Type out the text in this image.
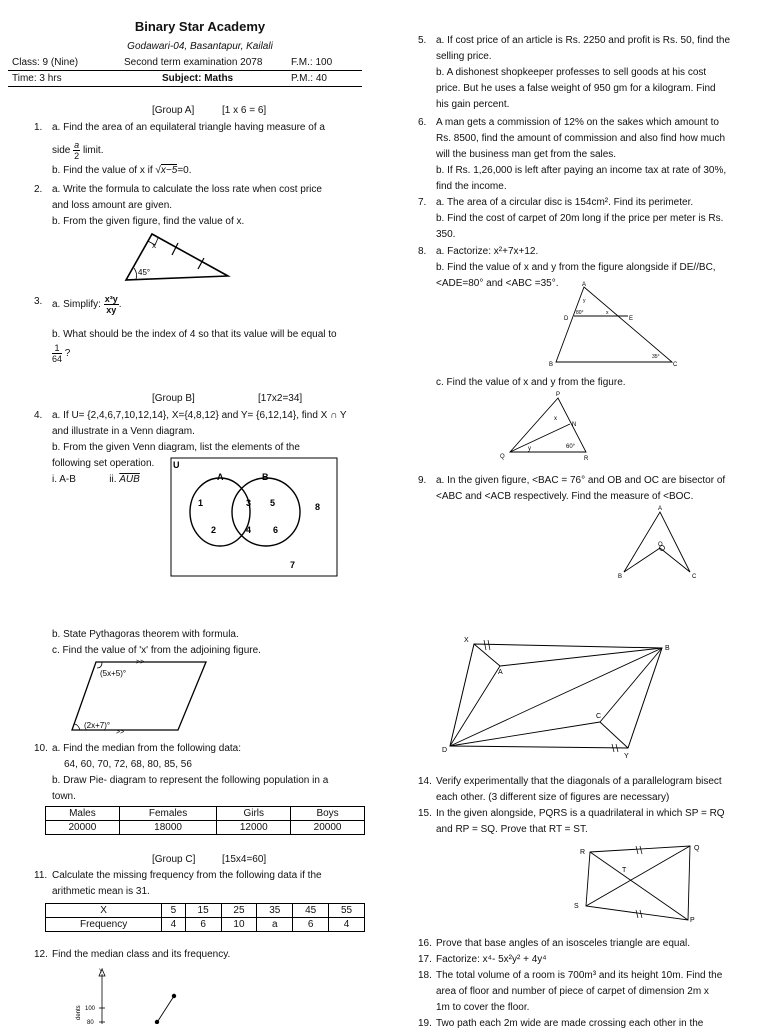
Binary Star Academy
Godawari-04, Basantapur, Kailali
Class: 9 (Nine)	Second term examination 2078	F.M.: 100
Time: 3 hrs	Subject: Maths	P.M.: 40
[Group A]	[1 x 6 = 6]
1. a. Find the area of an equilateral triangle having measure of a

side $\frac{a}{2}$ limit.

b. Find the value of x if √x−5=0.

2. a. Write the formula to calculate the loss rate when cost price

and loss amount are given.

b. From the given figure, find the value of x.

x
45°
3. a. Simplify: $\frac{\text{x³y}}{xy}$ .

b. What should be the index of 4 so that its value will be equal to

$\frac{1}{64}$ ?

[Group B]	[17x2=34]
4. a. If U= {2,4,6,7,10,12,14}, X={4,8,12} and Y= {6,12,14}, find X ∩ Y

and illustrate in a Venn diagram.

b. From the given Venn diagram, list the elements of the

following set operation.

i. A-B	ii. $\overline{AUB}$

U
A	B
1
2
3
4
5
6
7
8

b. State Pythagoras theorem with formula.

c. Find the value of 'x' from the adjoining figure.

>>
>>
(5x+5)°
(2x+7)°
10. a. Find the median from the following data:

64, 60, 70, 72, 68, 80, 85, 56

b. Draw Pie- diagram to represent the following population in a

town.

Males	Females	Girls	Boys
20000	18000	12000	20000
[Group C]	[15x4=60]
11. Calculate the missing frequency from the following data if the

arithmetic mean is 31.

X	5	15	25	35	45	55
Frequency	4	6	10	a	6	4
12. Find the median class and its frequency.

Y
dents 100
80
5. a. If cost price of an article is Rs. 2250 and profit is Rs. 50, find the

selling price.

b. A dishonest shopkeeper professes to sell goods at his cost

price. But he uses a false weight of 950 gm for a kilogram. Find

his gain percent.

6. A man gets a commission of 12% on the sakes which amount to

Rs. 8500, find the amount of commission and also find how much

will the business man get from the sales.

b. If Rs. 1,26,000 is left after paying an income tax at rate of 30%,

find the income.

7. a. The area of a circular disc is 154cm². Find its perimeter.

b. Find the cost of carpet of 20m long if the price per meter is Rs.

350.

8. a. Factorize: x²+7x+12.

b. Find the value of x and y from the figure alongside if DE//BC,

<ADE=80° and <ABC =35°.	A
D	E
B	C
80°	x
y
35°

c. Find the value of x and y from the figure.

P
N
Q	R
x
y	60°
9. a. In the given figure, <BAC = 76° and OB and OC are bisector of

<ABC and <ACB respectively. Find the measure of <BOC.

A
O
B	C
X
B
A
C
D
Y
14. Verify experimentally that the diagonals of a parallelogram bisect

each other. (3 different size of figures are necessary)

15. In the given alongside, PQRS is a quadrilateral in which SP = RQ

and RP = SQ. Prove that RT = ST.

R
Q
T
S
P
16. Prove that base angles of an isosceles triangle are equal.

17. Factorize: x⁴- 5x²y² + 4y⁴

18. The total volume of a room is 700m³ and its height 10m. Find the

area of floor and number of piece of carpet of dimension 2m x

1m to cover the floor.

19. Two path each 2m wide are made crossing each other in the
